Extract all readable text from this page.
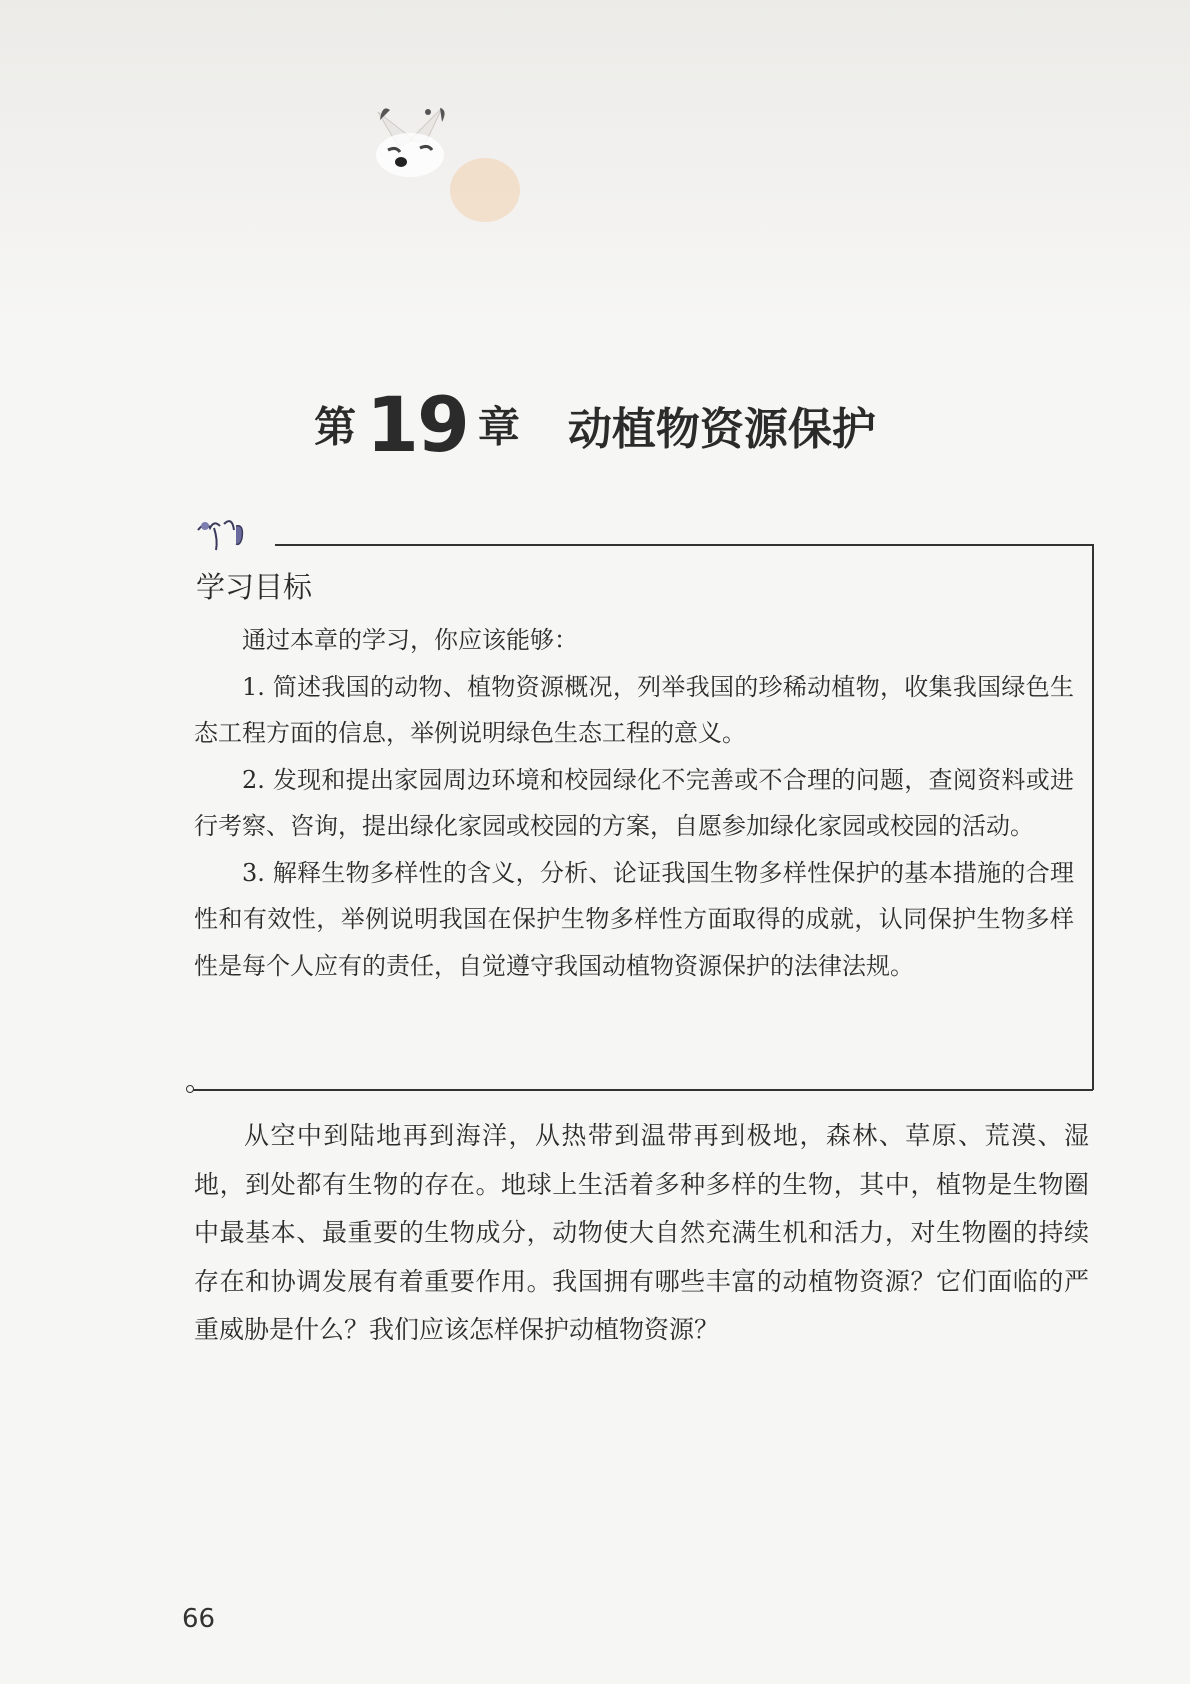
第 19 章 动植物资源保护
学习目标

通过本章的学习，你应该能够：

1. 简述我国的动物、植物资源概况，列举我国的珍稀动植物，收集我国绿色生态工程方面的信息，举例说明绿色生态工程的意义。

2. 发现和提出家园周边环境和校园绿化不完善或不合理的问题，查阅资料或进行考察、咨询，提出绿化家园或校园的方案，自愿参加绿化家园或校园的活动。

3. 解释生物多样性的含义，分析、论证我国生物多样性保护的基本措施的合理性和有效性，举例说明我国在保护生物多样性方面取得的成就，认同保护生物多样性是每个人应有的责任，自觉遵守我国动植物资源保护的法律法规。

从空中到陆地再到海洋，从热带到温带再到极地，森林、草原、荒漠、湿地，到处都有生物的存在。地球上生活着多种多样的生物，其中，植物是生物圈中最基本、最重要的生物成分，动物使大自然充满生机和活力，对生物圈的持续存在和协调发展有着重要作用。我国拥有哪些丰富的动植物资源？它们面临的严重威胁是什么？我们应该怎样保护动植物资源？

66
